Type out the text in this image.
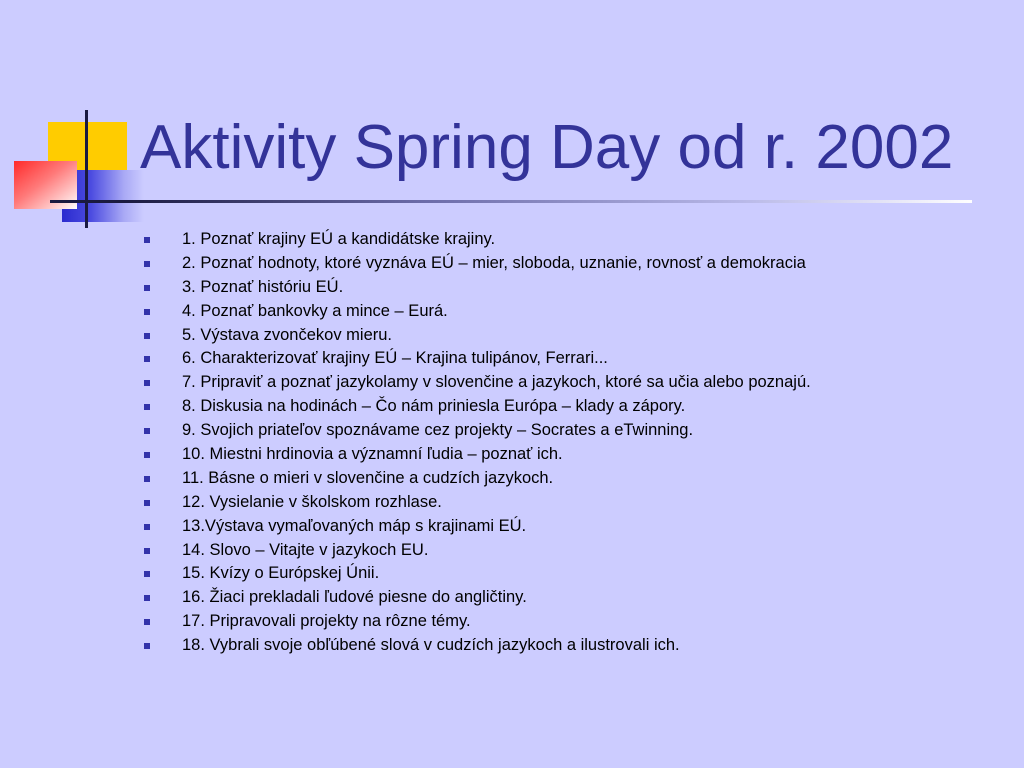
Aktivity Spring Day od r. 2002
1. Poznať krajiny EÚ a kandidátske krajiny.
2. Poznať hodnoty, ktoré vyznáva EÚ – mier, sloboda, uznanie, rovnosť a demokracia
3. Poznať históriu EÚ.
4. Poznať bankovky a mince – Eurá.
5. Výstava zvončekov mieru.
6. Charakterizovať krajiny EÚ – Krajina tulipánov, Ferrari...
7. Pripraviť a poznať jazykolamy v slovenčine a jazykoch, ktoré sa učia alebo poznajú.
8. Diskusia na hodinách – Čo nám priniesla Európa – klady a zápory.
9. Svojich priateľov spoznávame cez projekty – Socrates a eTwinning.
10. Miestni hrdinovia a významní ľudia – poznať ich.
11. Básne o mieri v slovenčine a cudzích jazykoch.
12. Vysielanie v školskom rozhlase.
13.Výstava vymaľovaných máp s krajinami EÚ.
14. Slovo – Vitajte v jazykoch EU.
15. Kvízy o Európskej Únii.
16. Žiaci prekladali ľudové piesne do angličtiny.
17. Pripravovali projekty na rôzne témy.
18. Vybrali svoje obľúbené slová v cudzích jazykoch a ilustrovali ich.
